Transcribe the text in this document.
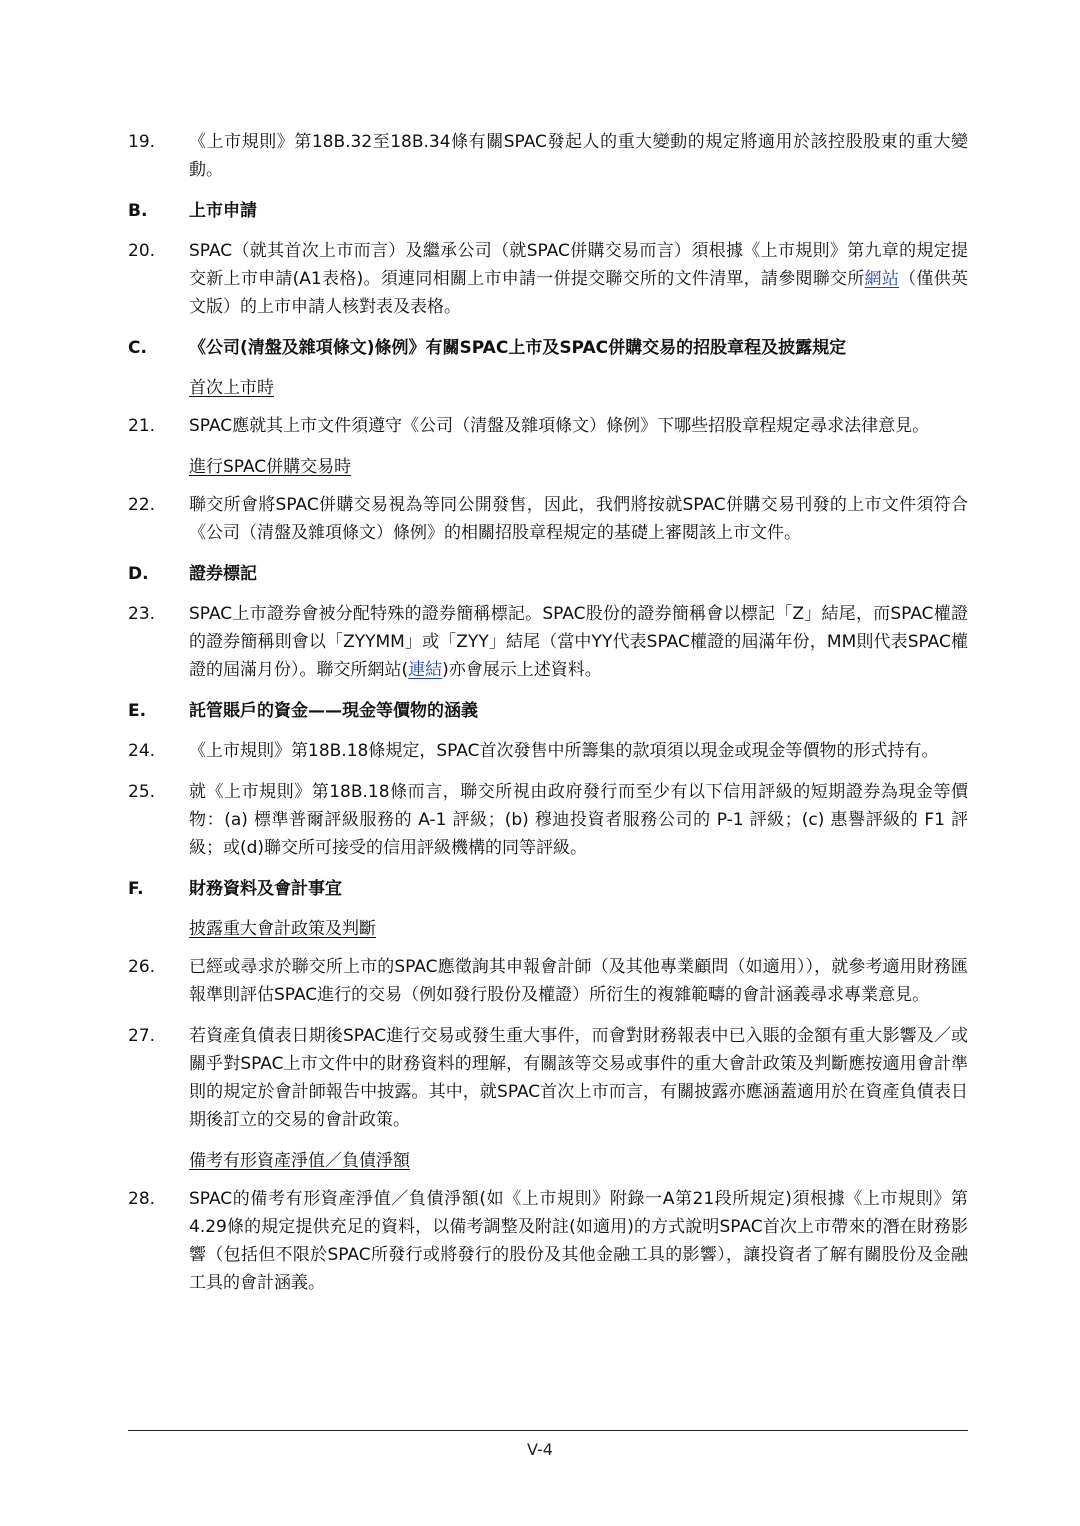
19.	《上市規則》第18B.32至18B.34條有關SPAC發起人的重大變動的規定將適用於該控股股東的重大變動。
B.	上市申請
20.	SPAC（就其首次上市而言）及繼承公司（就SPAC併購交易而言）須根據《上市規則》第九章的規定提交新上市申請(A1表格)。須連同相關上市申請一併提交聯交所的文件清單，請參閱聯交所網站（僅供英文版）的上市申請人核對表及表格。
C.	《公司(清盤及雜項條文)條例》有關SPAC上市及SPAC併購交易的招股章程及披露規定
首次上市時
21.	SPAC應就其上市文件須遵守《公司（清盤及雜項條文）條例》下哪些招股章程規定尋求法律意見。
進行SPAC併購交易時
22.	聯交所會將SPAC併購交易視為等同公開發售，因此，我們將按就SPAC併購交易刊發的上市文件須符合《公司（清盤及雜項條文）條例》的相關招股章程規定的基礎上審閱該上市文件。
D.	證券標記
23.	SPAC上市證券會被分配特殊的證券簡稱標記。SPAC股份的證券簡稱會以標記「Z」結尾，而SPAC權證的證券簡稱則會以「ZYYMM」或「ZYY」結尾（當中YY代表SPAC權證的屆滿年份，MM則代表SPAC權證的屆滿月份）。聯交所網站(連結)亦會展示上述資料。
E.	託管賬戶的資金——現金等價物的涵義
24.	《上市規則》第18B.18條規定，SPAC首次發售中所籌集的款項須以現金或現金等價物的形式持有。
25.	就《上市規則》第18B.18條而言，聯交所視由政府發行而至少有以下信用評級的短期證券為現金等價物：(a) 標準普爾評級服務的 A-1 評級；(b) 穆迪投資者服務公司的 P-1 評級；(c) 惠譽評級的 F1 評級；或(d)聯交所可接受的信用評級機構的同等評級。
F.	財務資料及會計事宜
披露重大會計政策及判斷
26.	已經或尋求於聯交所上市的SPAC應徵詢其申報會計師（及其他專業顧問（如適用）），就參考適用財務匯報準則評估SPAC進行的交易（例如發行股份及權證）所衍生的複雜範疇的會計涵義尋求專業意見。
27.	若資產負債表日期後SPAC進行交易或發生重大事件，而會對財務報表中已入賬的金額有重大影響及／或關乎對SPAC上市文件中的財務資料的理解，有關該等交易或事件的重大會計政策及判斷應按適用會計準則的規定於會計師報告中披露。其中，就SPAC首次上市而言，有關披露亦應涵蓋適用於在資產負債表日期後訂立的交易的會計政策。
備考有形資產淨值／負債淨額
28.	SPAC的備考有形資產淨值／負債淨額(如《上市規則》附錄一A第21段所規定)須根據《上市規則》第4.29條的規定提供充足的資料，以備考調整及附註(如適用)的方式說明SPAC首次上市帶來的潛在財務影響（包括但不限於SPAC所發行或將發行的股份及其他金融工具的影響），讓投資者了解有關股份及金融工具的會計涵義。
V-4
